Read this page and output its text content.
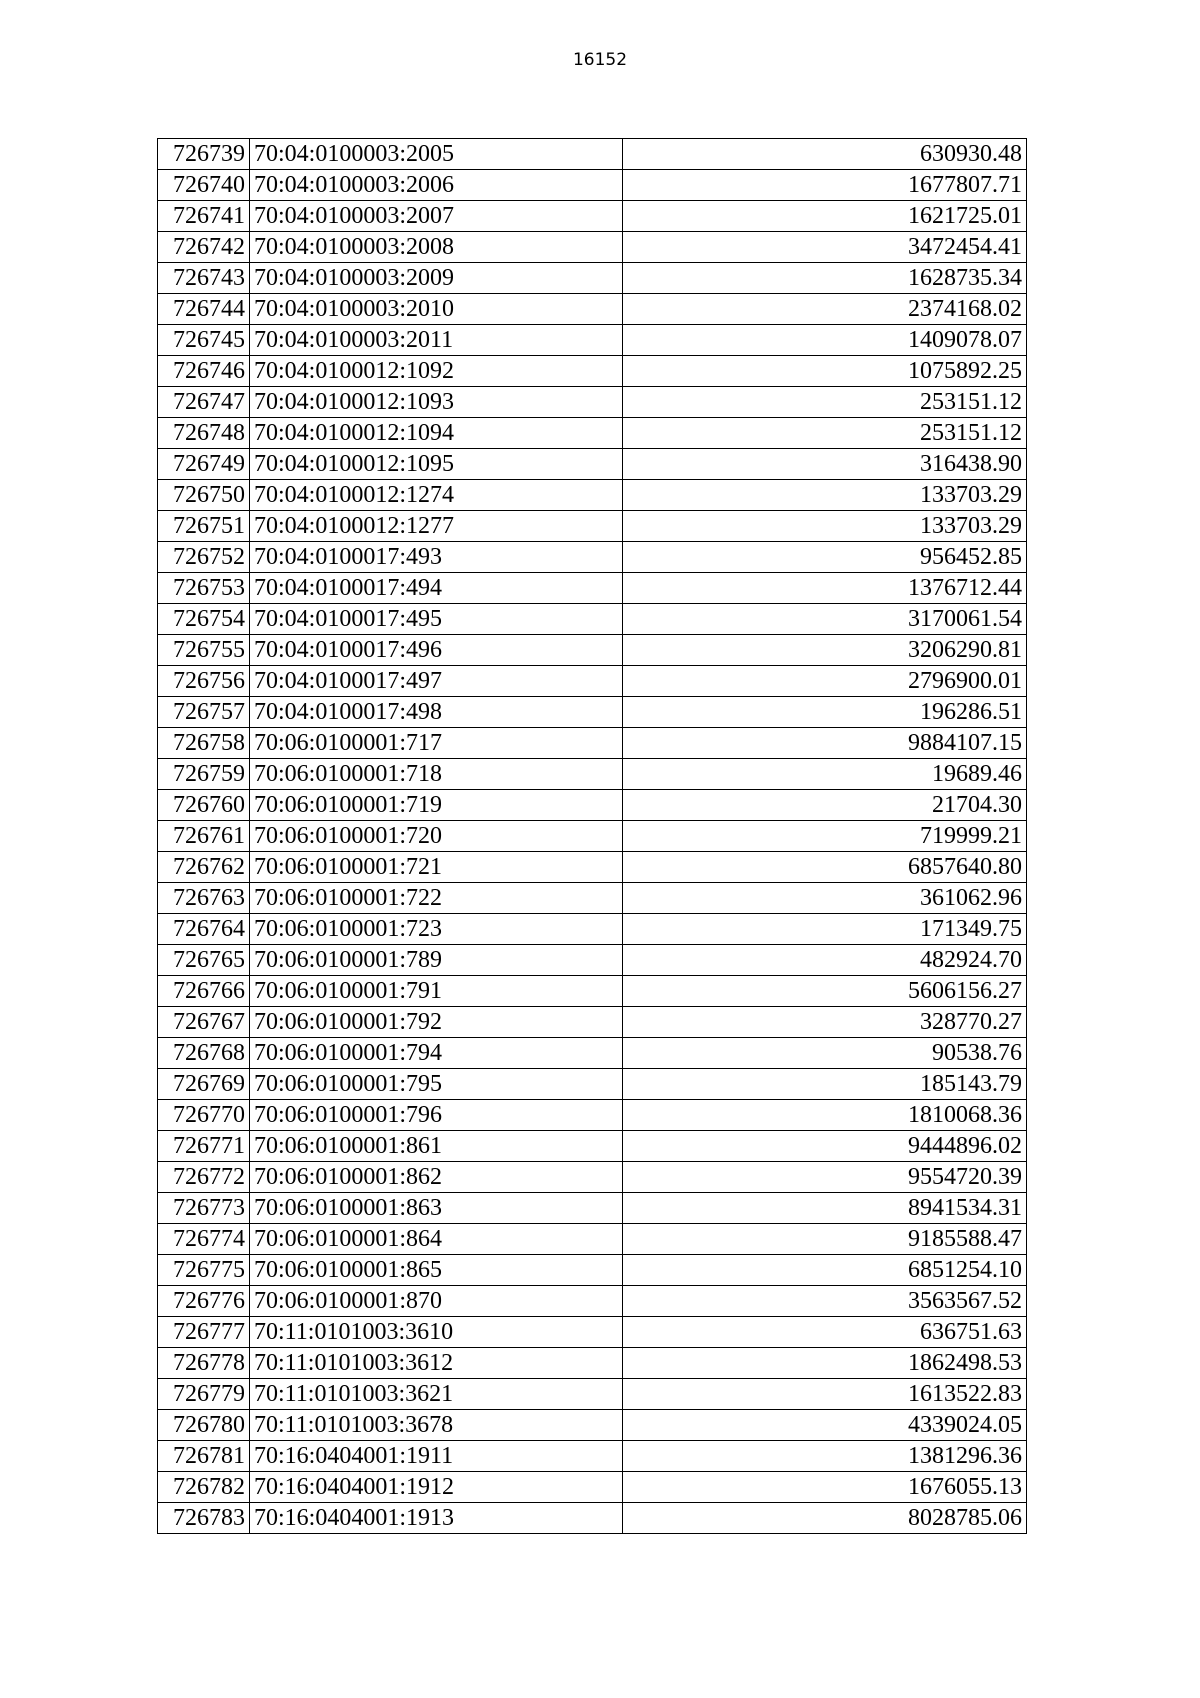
16152
726739	70:04:0100003:2005	630930.48
726740	70:04:0100003:2006	1677807.71
726741	70:04:0100003:2007	1621725.01
726742	70:04:0100003:2008	3472454.41
726743	70:04:0100003:2009	1628735.34
726744	70:04:0100003:2010	2374168.02
726745	70:04:0100003:2011	1409078.07
726746	70:04:0100012:1092	1075892.25
726747	70:04:0100012:1093	253151.12
726748	70:04:0100012:1094	253151.12
726749	70:04:0100012:1095	316438.90
726750	70:04:0100012:1274	133703.29
726751	70:04:0100012:1277	133703.29
726752	70:04:0100017:493	956452.85
726753	70:04:0100017:494	1376712.44
726754	70:04:0100017:495	3170061.54
726755	70:04:0100017:496	3206290.81
726756	70:04:0100017:497	2796900.01
726757	70:04:0100017:498	196286.51
726758	70:06:0100001:717	9884107.15
726759	70:06:0100001:718	19689.46
726760	70:06:0100001:719	21704.30
726761	70:06:0100001:720	719999.21
726762	70:06:0100001:721	6857640.80
726763	70:06:0100001:722	361062.96
726764	70:06:0100001:723	171349.75
726765	70:06:0100001:789	482924.70
726766	70:06:0100001:791	5606156.27
726767	70:06:0100001:792	328770.27
726768	70:06:0100001:794	90538.76
726769	70:06:0100001:795	185143.79
726770	70:06:0100001:796	1810068.36
726771	70:06:0100001:861	9444896.02
726772	70:06:0100001:862	9554720.39
726773	70:06:0100001:863	8941534.31
726774	70:06:0100001:864	9185588.47
726775	70:06:0100001:865	6851254.10
726776	70:06:0100001:870	3563567.52
726777	70:11:0101003:3610	636751.63
726778	70:11:0101003:3612	1862498.53
726779	70:11:0101003:3621	1613522.83
726780	70:11:0101003:3678	4339024.05
726781	70:16:0404001:1911	1381296.36
726782	70:16:0404001:1912	1676055.13
726783	70:16:0404001:1913	8028785.06
